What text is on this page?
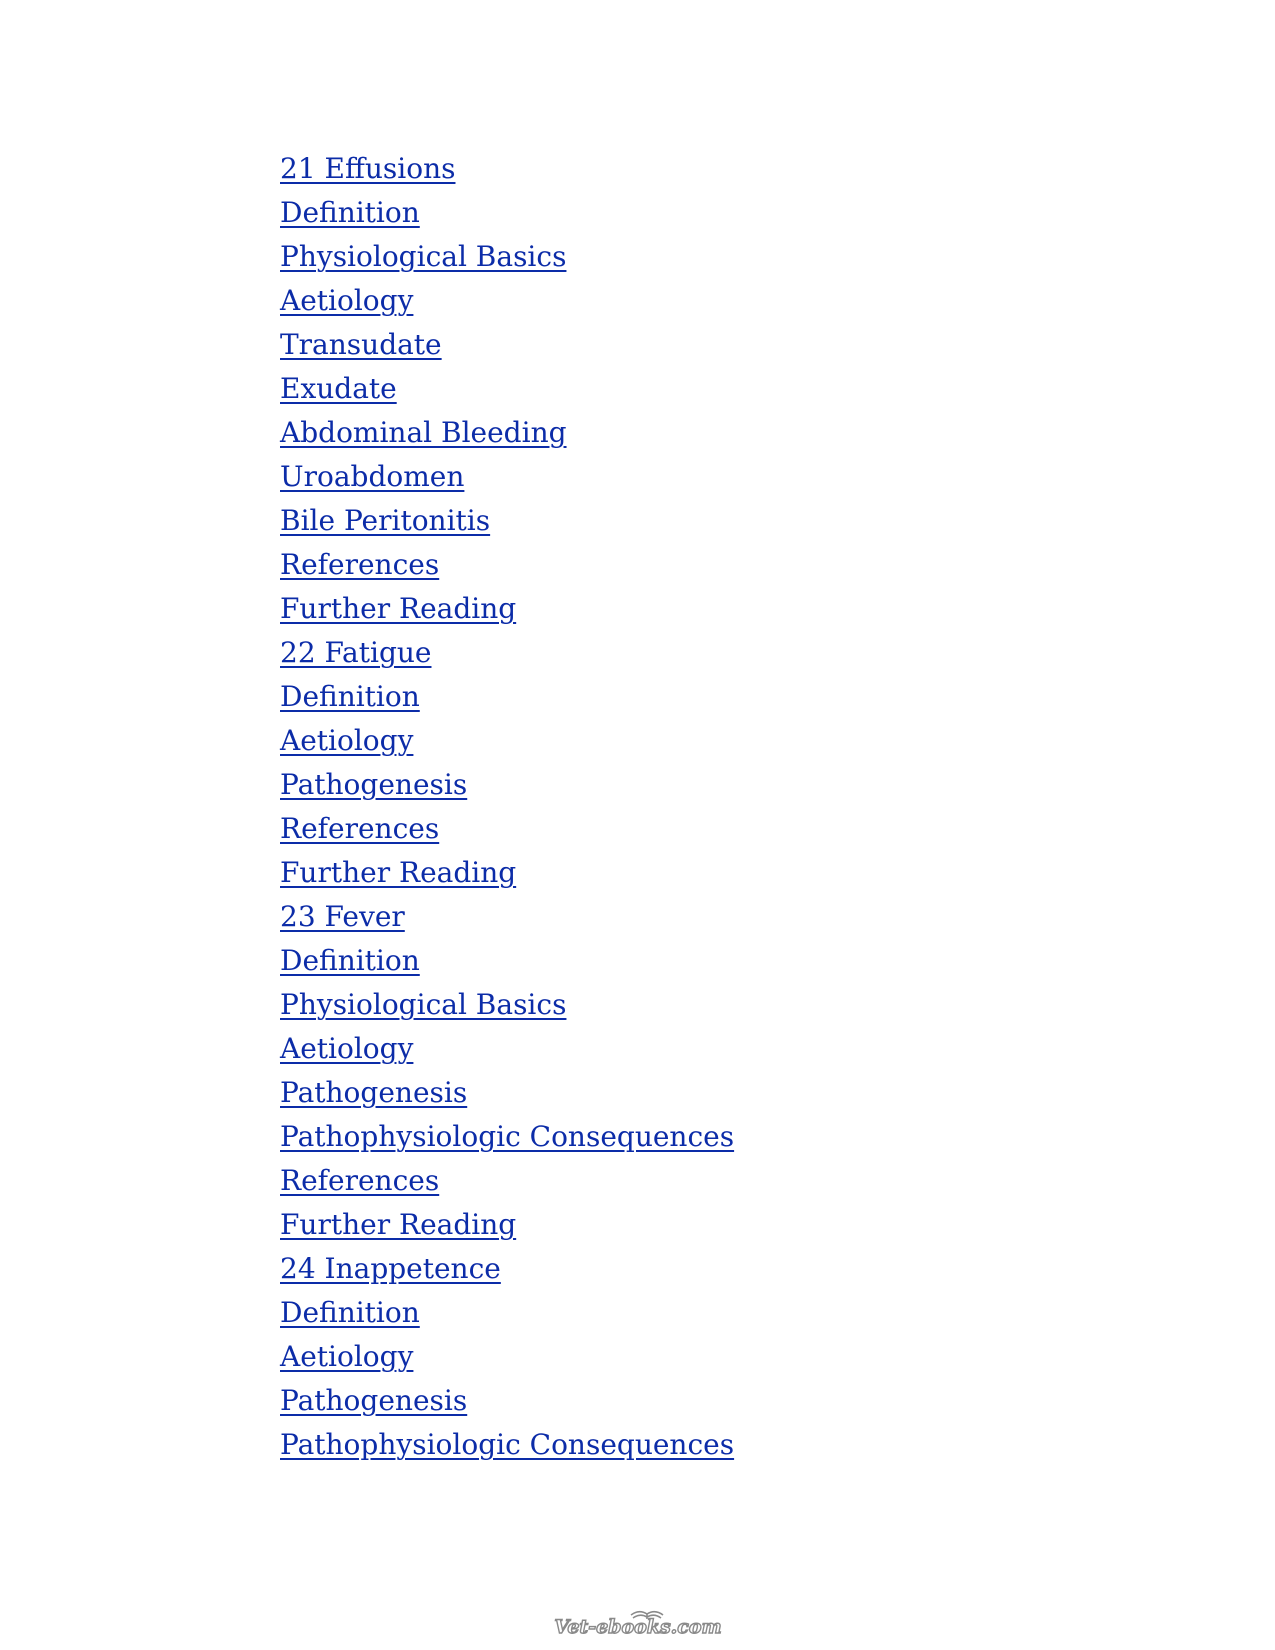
21 Effusions
Definition
Physiological Basics
Aetiology
Transudate
Exudate
Abdominal Bleeding
Uroabdomen
Bile Peritonitis
References
Further Reading
22 Fatigue
Definition
Aetiology
Pathogenesis
References
Further Reading
23 Fever
Definition
Physiological Basics
Aetiology
Pathogenesis
Pathophysiologic Consequences
References
Further Reading
24 Inappetence
Definition
Aetiology
Pathogenesis
Pathophysiologic Consequences
Vet-ebooks.com
